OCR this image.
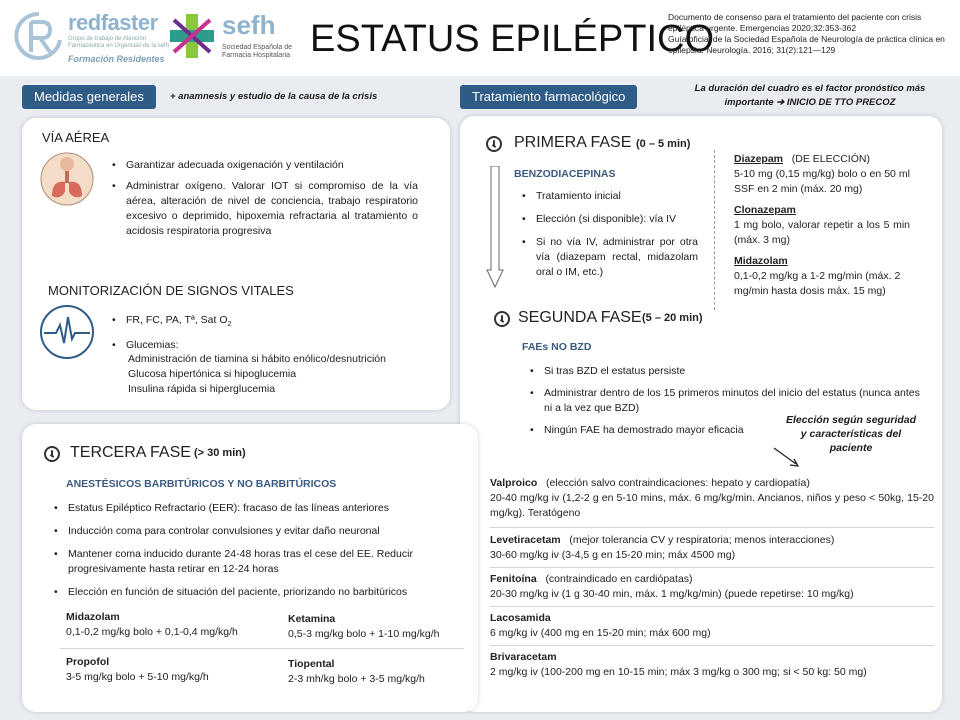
redfaster
Grupo de trabajo de Atención Farmacéutica en Urgencias de la sefh
Formación Residentes
sefh
Sociedad Española de Farmacia Hospitalaria ESTATUS EPILÉPTICO
Documento de consenso para el tratamiento del paciente con crisis epiléptica urgente. Emergencias 2020;32:353-362
Guía oficial de la Sociedad Española de Neurología de práctica clínica en epilepsia. Neurología. 2016; 31(2):121—129
Medidas generales	+ anamnesis y estudio de la causa de la crisis	Tratamiento farmacológico
La duración del cuadro es el factor pronóstico más
importante ➔ INICIO DE TTO PRECOZ
VÍA AÉREA
• Garantizar adecuada oxigenación y ventilación
• Administrar oxígeno. Valorar IOT si compromiso de la vía aérea, alteración de nivel de conciencia, trabajo respiratorio excesivo o deprimido, hipoxemia refractaria al tratamiento o acidosis respiratoria progresiva
MONITORIZACIÓN DE SIGNOS VITALES
• FR, FC, PA, Tª, Sat $O_2$
• Glucemias:
Administración de tiamina si hábito enólico/desnutrición
Glucosa hipertónica si hipoglucemia
Insulina rápida si hiperglucemia
PRIMERA FASE (0 – 5 min)
BENZODIACEPINAS
• Tratamiento inicial
• Elección (si disponible): vía IV
• Si no vía IV, administrar por otra vía (diazepam rectal, midazolam oral o IM, etc.)
Diazepam (DE ELECCIÓN)
5-10 mg (0,15 mg/kg) bolo o en 50 ml SSF en 2 min (máx. 20 mg)
Clonazepam
1 mg bolo, valorar repetir a los 5 min (máx. 3 mg)
Midazolam
0,1-0,2 mg/kg a 1-2 mg/min (máx. 2 mg/min hasta dosis máx. 15 mg)
SEGUNDA FASE (5 – 20 min)
FAEs NO BZD
• Si tras BZD el estatus persiste
• Administrar dentro de los 15 primeros minutos del inicio del estatus (nunca antes ni a la vez que BZD)
• Ningún FAE ha demostrado mayor eficacia
Elección según seguridad
y características del
paciente
Valproico (elección salvo contraindicaciones: hepato y cardiopatía)
20-40 mg/kg iv (1,2-2 g en 5-10 mins, máx. 6 mg/kg/min. Ancianos, niños y peso < 50kg, 15-20 mg/kg). Teratógeno
Levetiracetam (mejor tolerancia CV y respiratoria; menos interacciones)
30-60 mg/kg iv (3-4,5 g en 15-20 min; máx 4500 mg)
Fenitoína (contraindicado en cardiópatas)
20-30 mg/kg iv (1 g 30-40 min, máx. 1 mg/kg/min) (puede repetirse: 10 mg/kg)
Lacosamida
6 mg/kg iv (400 mg en 15-20 min; máx 600 mg)
Brivaracetam
2 mg/kg iv (100-200 mg en 10-15 min; máx 3 mg/kg o 300 mg; si < 50 kg: 50 mg)
TERCERA FASE (> 30 min)
ANESTÉSICOS BARBITÚRICOS Y NO BARBITÚRICOS
• Estatus Epiléptico Refractario (EER): fracaso de las líneas anteriores
• Inducción coma para controlar convulsiones y evitar daño neuronal
• Mantener coma inducido durante 24-48 horas tras el cese del EE. Reducir progresivamente hasta retirar en 12-24 horas
• Elección en función de situación del paciente, priorizando no barbitúricos
Midazolam
0,1-0,2 mg/kg bolo + 0,1-0,4 mg/kg/h
Ketamina
0,5-3 mg/kg bolo + 1-10 mg/kg/h
Propofol
3-5 mg/kg bolo + 5-10 mg/kg/h
Tiopental
2-3 mh/kg bolo + 3-5 mg/kg/h
